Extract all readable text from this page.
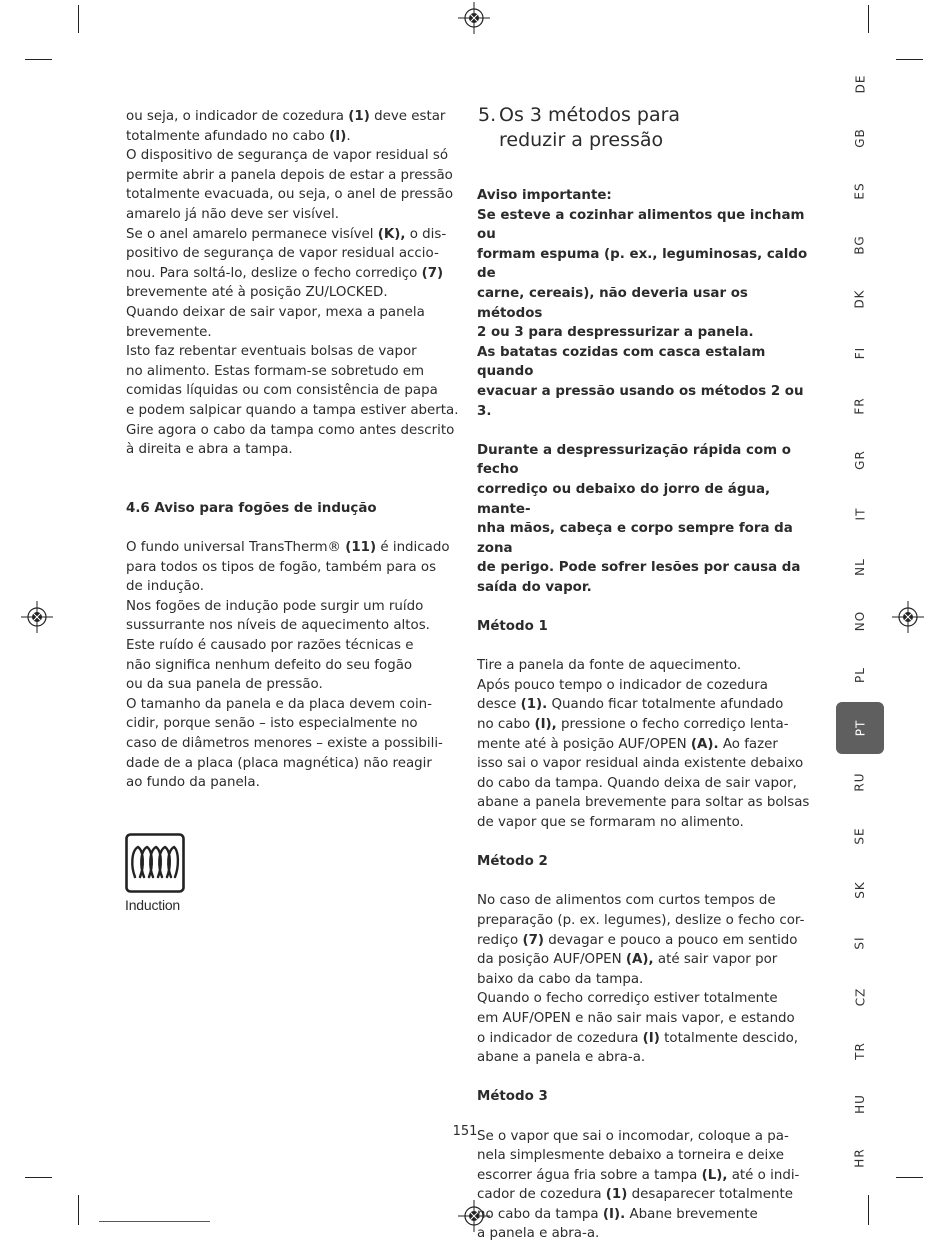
ou seja, o indicador de cozedura (1) deve estar

totalmente afundado no cabo (I).

O dispositivo de segurança de vapor residual só

permite abrir a panela depois de estar a pressão

totalmente evacuada, ou seja, o anel de pressão

amarelo já não deve ser visível.

Se o anel amarelo permanece visível (K), o dis-

positivo de segurança de vapor residual accio-

nou. Para soltá-lo, deslize o fecho corrediço (7)

brevemente até à posição ZU/LOCKED.

Quando deixar de sair vapor, mexa a panela

brevemente.

Isto faz rebentar eventuais bolsas de vapor

no alimento. Estas formam-se sobretudo em

comidas líquidas ou com consistência de papa

e podem salpicar quando a tampa estiver aberta.

Gire agora o cabo da tampa como antes descrito

à direita e abra a tampa.

4.6 Aviso para fogões de indução

O fundo universal TransTherm® (11) é indicado

para todos os tipos de fogão, também para os

de indução.

Nos fogões de indução pode surgir um ruído

sussurrante nos níveis de aquecimento altos.

Este ruído é causado por razões técnicas e

não significa nenhum defeito do seu fogão

ou da sua panela de pressão.

O tamanho da panela e da placa devem coin-

cidir, porque senão – isto especialmente no

caso de diâmetros menores – existe a possibili-

dade de a placa (placa magnética) não reagir

ao fundo da panela.

Induction
5. Os 3 métodos para
reduzir a pressão

Aviso importante:

Se esteve a cozinhar alimentos que incham ou

formam espuma (p. ex., leguminosas, caldo de

carne, cereais), não deveria usar os métodos

2 ou 3 para despressurizar a panela.

As batatas cozidas com casca estalam quando

evacuar a pressão usando os métodos 2 ou 3.

Durante a despressurização rápida com o fecho

corrediço ou debaixo do jorro de água, mante-

nha mãos, cabeça e corpo sempre fora da zona

de perigo. Pode sofrer lesões por causa da

saída do vapor.

Método 1

Tire a panela da fonte de aquecimento.

Após pouco tempo o indicador de cozedura

desce (1). Quando ficar totalmente afundado

no cabo (I), pressione o fecho corrediço lenta-

mente até à posição AUF/OPEN (A). Ao fazer

isso sai o vapor residual ainda existente debaixo

do cabo da tampa. Quando deixa de sair vapor,

abane a panela brevemente para soltar as bolsas

de vapor que se formaram no alimento.

Método 2

No caso de alimentos com curtos tempos de

preparação (p. ex. legumes), deslize o fecho cor-

rediço (7) devagar e pouco a pouco em sentido

da posição AUF/OPEN (A), até sair vapor por

baixo da cabo da tampa.

Quando o fecho corrediço estiver totalmente

em AUF/OPEN e não sair mais vapor, e estando

o indicador de cozedura (I) totalmente descido,

abane a panela e abra-a.

Método 3

Se o vapor que sai o incomodar, coloque a pa-

nela simplesmente debaixo a torneira e deixe

escorrer água fria sobre a tampa (L), até o indi-

cador de cozedura (1) desaparecer totalmente

no cabo da tampa (I). Abane brevemente

a panela e abra-a.

151
DE
GB
ES
BG
DK
FI
FR
GR
IT
NL
NO
PL
PT
RU
SE
SK
SI
CZ
TR
HU
HR
